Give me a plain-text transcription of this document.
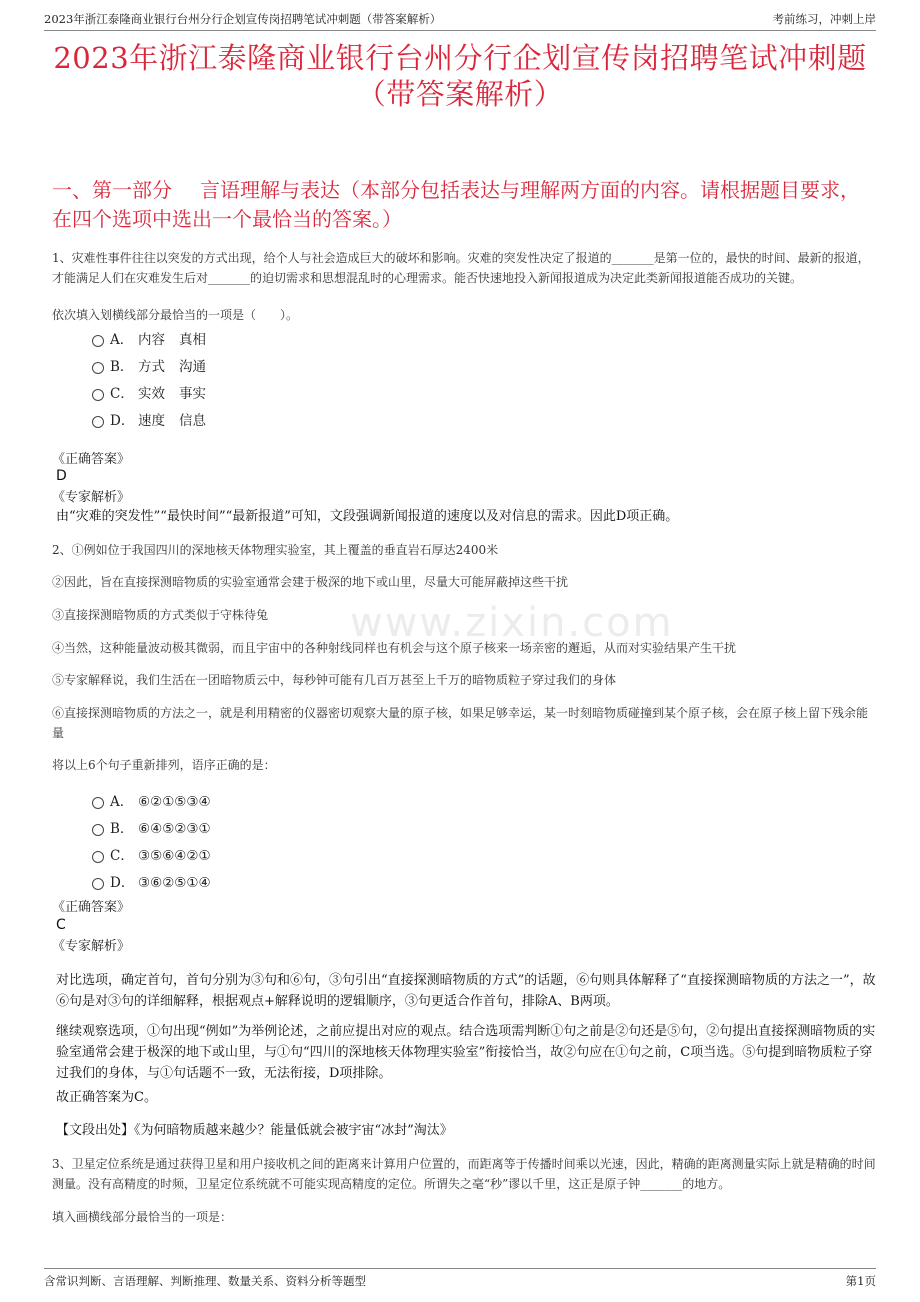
2023年浙江泰隆商业银行台州分行企划宣传岗招聘笔试冲刺题（带答案解析）	考前练习，冲刺上岸
2023年浙江泰隆商业银行台州分行企划宣传岗招聘笔试冲刺题
（带答案解析）
一、第一部分 言语理解与表达（本部分包括表达与理解两方面的内容。请根据题目要求，在四个选项中选出一个最恰当的答案。）
www.zixin.com
1、灾难性事件往往以突发的方式出现，给个人与社会造成巨大的破坏和影响。灾难的突发性决定了报道的_______是第一位的，最快的时间、最新的报道，才能满足人们在灾难发生后对_______的迫切需求和思想混乱时的心理需求。能否快速地投入新闻报道成为决定此类新闻报道能否成功的关键。
依次填入划横线部分最恰当的一项是（　　）。
A． 内容 真相
B． 方式 沟通
C． 实效 事实
D． 速度 信息
《正确答案》
D
《专家解析》
由“灾难的突发性”“最快时间”“最新报道”可知，文段强调新闻报道的速度以及对信息的需求。因此D项正确。
2、①例如位于我国四川的深地核天体物理实验室，其上覆盖的垂直岩石厚达2400米
②因此，旨在直接探测暗物质的实验室通常会建于极深的地下或山里，尽量大可能屏蔽掉这些干扰
③直接探测暗物质的方式类似于守株待兔
④当然，这种能量波动极其微弱，而且宇宙中的各种射线同样也有机会与这个原子核来一场亲密的邂逅，从而对实验结果产生干扰
⑤专家解释说，我们生活在一团暗物质云中，每秒钟可能有几百万甚至上千万的暗物质粒子穿过我们的身体
⑥直接探测暗物质的方法之一，就是利用精密的仪器密切观察大量的原子核，如果足够幸运，某一时刻暗物质碰撞到某个原子核，会在原子核上留下残余能量
将以上6个句子重新排列，语序正确的是：
A． ⑥②①⑤③④
B． ⑥④⑤②③①
C． ③⑤⑥④②①
D． ③⑥②⑤①④
《正确答案》
C
《专家解析》
对比选项，确定首句，首句分别为③句和⑥句，③句引出“直接探测暗物质的方式”的话题，⑥句则具体解释了“直接探测暗物质的方法之一”，故⑥句是对③句的详细解释，根据观点+解释说明的逻辑顺序，③句更适合作首句，排除A、B两项。
继续观察选项，①句出现“例如”为举例论述，之前应提出对应的观点。结合选项需判断①句之前是②句还是⑤句，②句提出直接探测暗物质的实验室通常会建于极深的地下或山里，与①句“四川的深地核天体物理实验室”衔接恰当，故②句应在①句之前，C项当选。⑤句提到暗物质粒子穿过我们的身体，与①句话题不一致，无法衔接，D项排除。
故正确答案为C。
【文段出处】《为何暗物质越来越少？能量低就会被宇宙“冰封”淘汰》
3、卫星定位系统是通过获得卫星和用户接收机之间的距离来计算用户位置的，而距离等于传播时间乘以光速，因此，精确的距离测量实际上就是精确的时间测量。没有高精度的时频，卫星定位系统就不可能实现高精度的定位。所谓失之毫“秒”谬以千里，这正是原子钟_______的地方。
填入画横线部分最恰当的一项是：
含常识判断、言语理解、判断推理、数量关系、资料分析等题型	第1页
